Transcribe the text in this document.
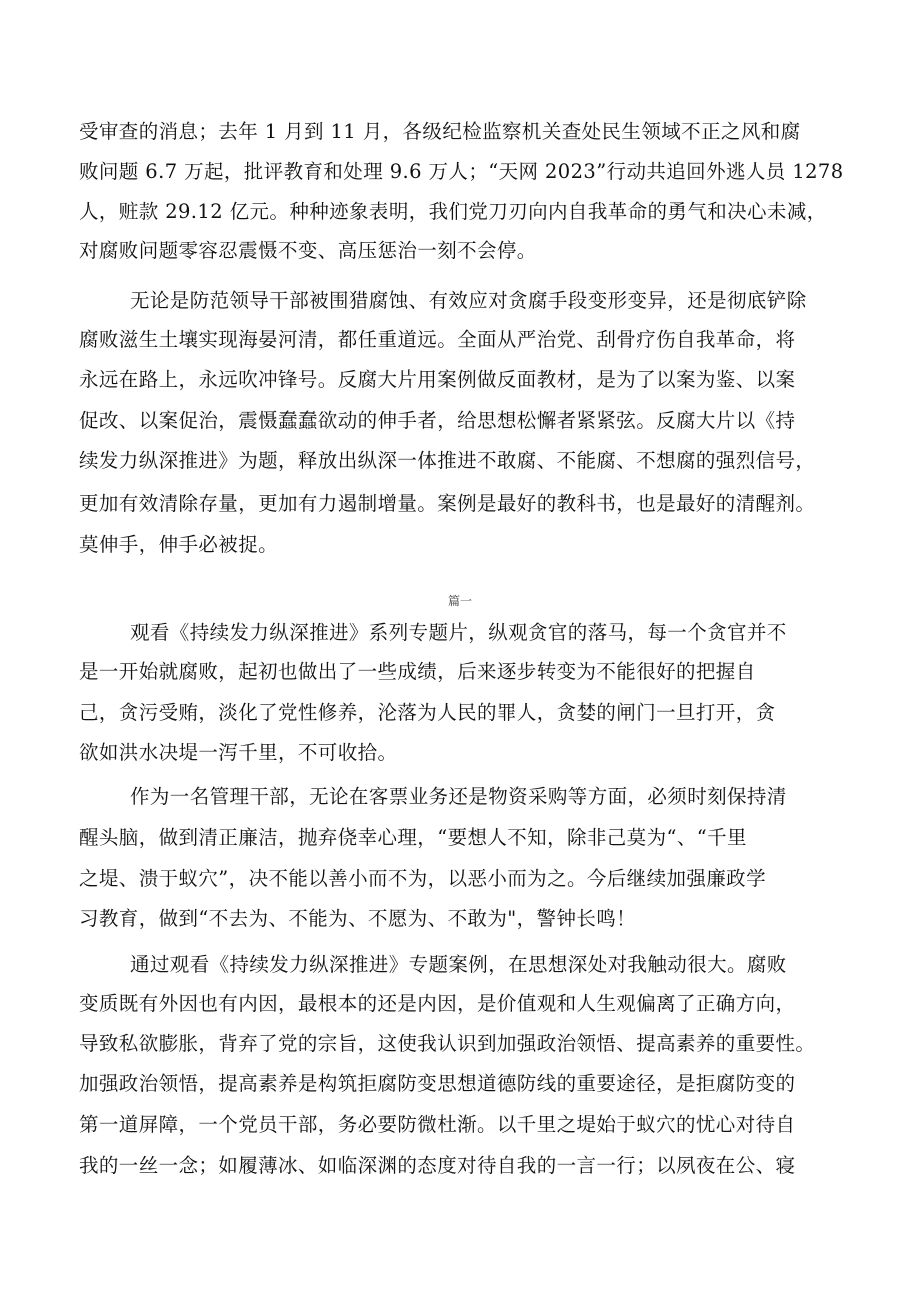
受审查的消息；去年 1 月到 11 月，各级纪检监察机关查处民生领域不正之风和腐
败问题 6.7 万起，批评教育和处理 9.6 万人；“天网 2023”行动共追回外逃人员 1278
人，赃款 29.12 亿元。种种迹象表明，我们党刀刃向内自我革命的勇气和决心未减，
对腐败问题零容忍震慑不变、高压惩治一刻不会停。
无论是防范领导干部被围猎腐蚀、有效应对贪腐手段变形变异，还是彻底铲除
腐败滋生土壤实现海晏河清，都任重道远。全面从严治党、刮骨疗伤自我革命，将
永远在路上，永远吹冲锋号。反腐大片用案例做反面教材，是为了以案为鉴、以案
促改、以案促治，震慑蠢蠢欲动的伸手者，给思想松懈者紧紧弦。反腐大片以《持
续发力纵深推进》为题，释放出纵深一体推进不敢腐、不能腐、不想腐的强烈信号，
更加有效清除存量，更加有力遏制增量。案例是最好的教科书，也是最好的清醒剂。
莫伸手，伸手必被捉。
篇一
观看《持续发力纵深推进》系列专题片，纵观贪官的落马，每一个贪官并不
是一开始就腐败，起初也做出了一些成绩，后来逐步转变为不能很好的把握自
己，贪污受贿，淡化了党性修养，沦落为人民的罪人，贪婪的闸门一旦打开，贪
欲如洪水决堤一泻千里，不可收拾。
作为一名管理干部，无论在客票业务还是物资采购等方面，必须时刻保持清
醒头脑，做到清正廉洁，抛弃侥幸心理，“要想人不知，除非己莫为“、“千里
之堤、溃于蚁穴”，决不能以善小而不为，以恶小而为之。今后继续加强廉政学
习教育，做到“不去为、不能为、不愿为、不敢为"，警钟长鸣！
通过观看《持续发力纵深推进》专题案例，在思想深处对我触动很大。腐败
变质既有外因也有内因，最根本的还是内因，是价值观和人生观偏离了正确方向，
导致私欲膨胀，背弃了党的宗旨，这使我认识到加强政治领悟、提高素养的重要性。
加强政治领悟，提高素养是构筑拒腐防变思想道德防线的重要途径，是拒腐防变的
第一道屏障，一个党员干部，务必要防微杜渐。以千里之堤始于蚁穴的忧心对待自
我的一丝一念；如履薄冰、如临深渊的态度对待自我的一言一行；以夙夜在公、寝
